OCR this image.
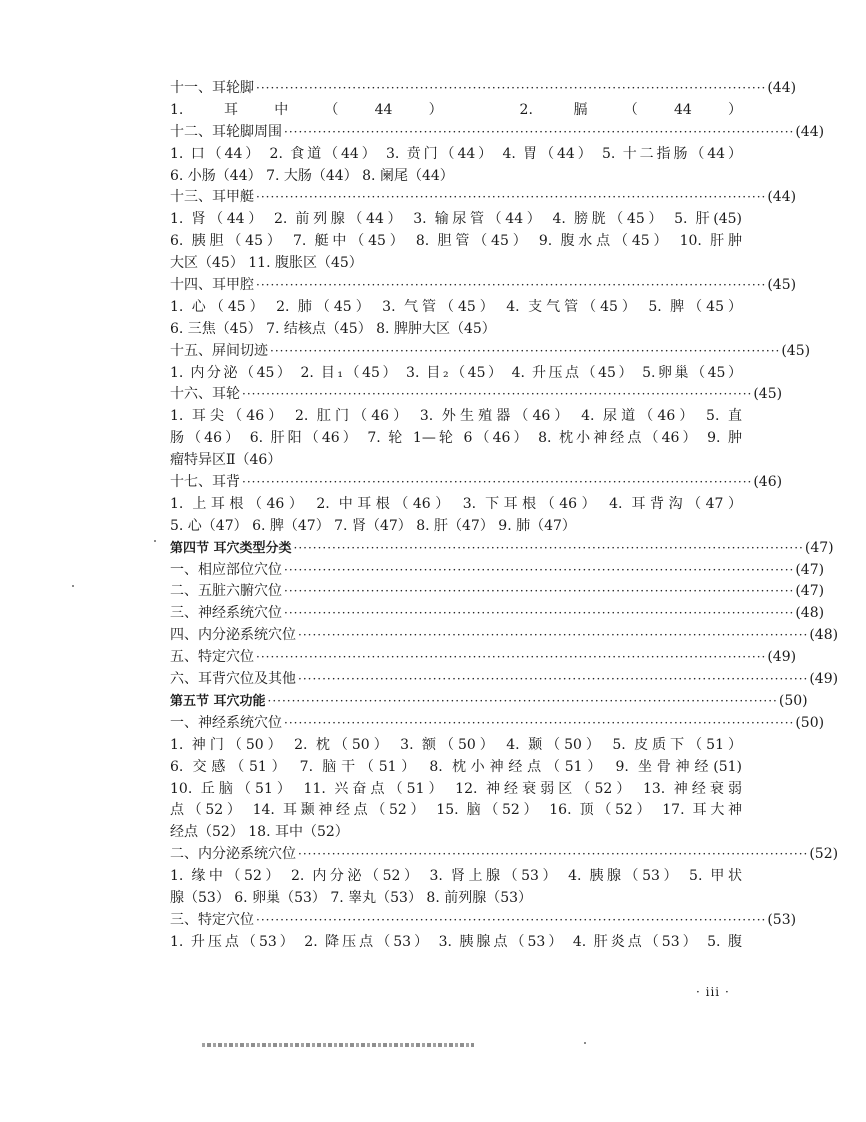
十一、耳轮脚 ·········································································································· (44)
1. 耳中（44） 2. 膈（44）
十二、耳轮脚周围 ·········································································································· (44)
1. 口（44） 2. 食道（44） 3. 贲门（44） 4. 胃（44） 5. 十二指肠（44）
6. 小肠（44） 7. 大肠（44） 8. 阑尾（44）
十三、耳甲艇 ·········································································································· (44)
1. 肾（44） 2. 前列腺（44） 3. 输尿管（44） 4. 膀胱（45） 5. 肝(45)
6. 胰胆（45） 7. 艇中（45） 8. 胆管（45） 9. 腹水点（45） 10. 肝肿
大区（45） 11. 腹胀区（45）
十四、耳甲腔 ·········································································································· (45)
1. 心（45） 2. 肺（45） 3. 气管（45） 4. 支气管（45） 5. 脾（45）
6. 三焦（45） 7. 结核点（45） 8. 脾肿大区（45）
十五、屏间切迹 ·········································································································· (45)
1. 内分泌（45） 2. 目₁（45） 3. 目₂（45） 4. 升压点（45） 5.卵巢（45）
十六、耳轮 ·········································································································· (45)
1. 耳尖（46） 2. 肛门（46） 3. 外生殖器（46） 4. 尿道（46） 5. 直
肠（46） 6. 肝阳（46） 7. 轮 1—轮 6（46） 8. 枕小神经点（46） 9. 肿
瘤特异区Ⅱ（46）
十七、耳背 ·········································································································· (46)
1. 上耳根（46） 2. 中耳根（46） 3. 下耳根（46） 4. 耳背沟（47）
5. 心（47） 6. 脾（47） 7. 肾（47） 8. 肝（47） 9. 肺（47）
第四节 耳穴类型分类 ·········································································································· (47)
一、相应部位穴位 ·········································································································· (47)
二、五脏六腑穴位 ·········································································································· (47)
三、神经系统穴位 ·········································································································· (48)
四、内分泌系统穴位 ·········································································································· (48)
五、特定穴位 ·········································································································· (49)
六、耳背穴位及其他 ·········································································································· (49)
第五节 耳穴功能 ·········································································································· (50)
一、神经系统穴位 ·········································································································· (50)
1. 神门（50） 2. 枕（50） 3. 额（50） 4. 颞（50） 5. 皮质下（51）
6. 交感（51） 7. 脑干（51） 8. 枕小神经点（51） 9. 坐骨神经(51)
10. 丘脑（51） 11. 兴奋点（51） 12. 神经衰弱区（52） 13. 神经衰弱
点（52） 14. 耳颞神经点（52） 15. 脑（52） 16. 顶（52） 17. 耳大神
经点（52） 18. 耳中（52）
二、内分泌系统穴位 ·········································································································· (52)
1. 缘中（52） 2. 内分泌（52） 3. 肾上腺（53） 4. 胰腺（53） 5. 甲状
腺（53） 6. 卵巢（53） 7. 睾丸（53） 8. 前列腺（53）
三、特定穴位 ·········································································································· (53)
1. 升压点（53） 2. 降压点（53） 3. 胰腺点（53） 4. 肝炎点（53） 5. 腹
· iii ·
